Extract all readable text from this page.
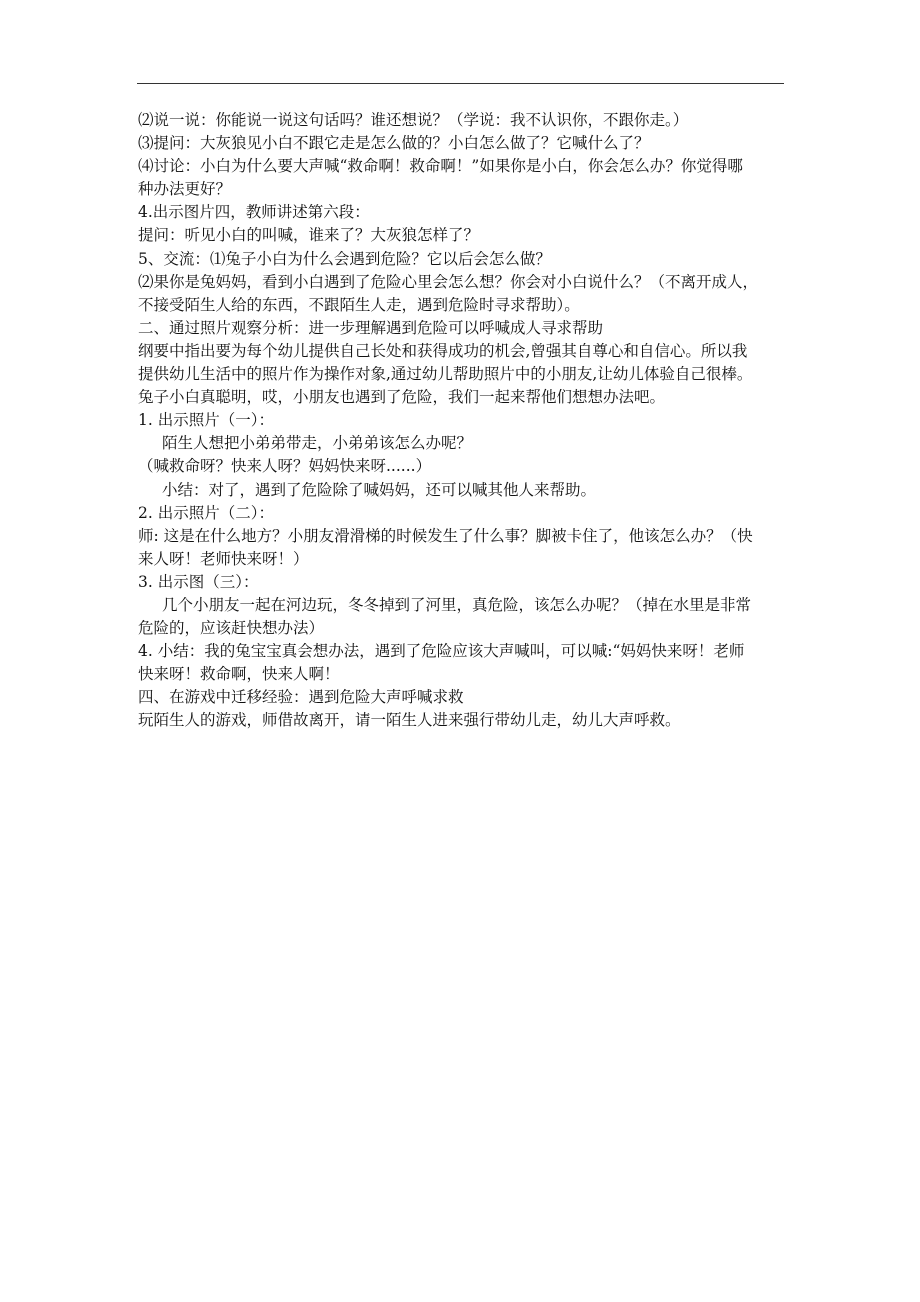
⑵说一说：你能说一说这句话吗？谁还想说？（学说：我不认识你，不跟你走。）
⑶提问：大灰狼见小白不跟它走是怎么做的？小白怎么做了？它喊什么了？
⑷讨论：小白为什么要大声喊“救命啊！救命啊！”如果你是小白，你会怎么办？你觉得哪
种办法更好？
4.出示图片四，教师讲述第六段：
提问：听见小白的叫喊，谁来了？大灰狼怎样了？
5、交流：⑴兔子小白为什么会遇到危险？它以后会怎么做？
⑵果你是兔妈妈，看到小白遇到了危险心里会怎么想？你会对小白说什么？（不离开成人，
不接受陌生人给的东西，不跟陌生人走，遇到危险时寻求帮助）。
二、通过照片观察分析：进一步理解遇到危险可以呼喊成人寻求帮助
纲要中指出要为每个幼儿提供自己长处和获得成功的机会,曾强其自尊心和自信心。所以我
提供幼儿生活中的照片作为操作对象,通过幼儿帮助照片中的小朋友,让幼儿体验自己很棒。
兔子小白真聪明，哎，小朋友也遇到了危险，我们一起来帮他们想想办法吧。
1. 出示照片（一）：
陌生人想把小弟弟带走，小弟弟该怎么办呢？
（喊救命呀？快来人呀？妈妈快来呀......）
小结：对了，遇到了危险除了喊妈妈，还可以喊其他人来帮助。
2. 出示照片（二）：
师: 这是在什么地方？小朋友滑滑梯的时候发生了什么事？脚被卡住了，他该怎么办？（快
来人呀！老师快来呀！）
3. 出示图（三）：
几个小朋友一起在河边玩，冬冬掉到了河里，真危险，该怎么办呢？（掉在水里是非常
危险的，应该赶快想办法）
4. 小结：我的兔宝宝真会想办法，遇到了危险应该大声喊叫，可以喊:“妈妈快来呀！老师
快来呀！救命啊，快来人啊！
四、在游戏中迁移经验：遇到危险大声呼喊求救
玩陌生人的游戏，师借故离开，请一陌生人进来强行带幼儿走，幼儿大声呼救。
